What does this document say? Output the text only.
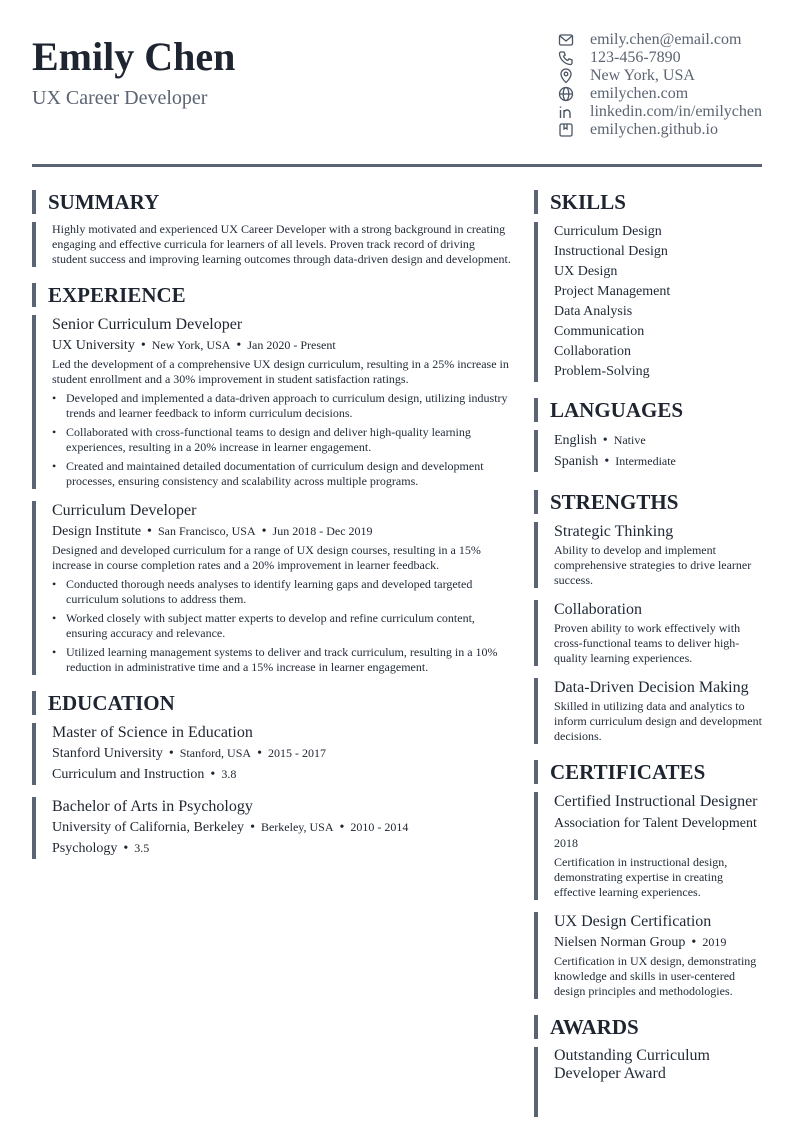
Emily Chen
UX Career Developer
emily.chen@email.com
123-456-7890
New York, USA
emilychen.com
linkedin.com/in/emilychen
emilychen.github.io
SUMMARY
Highly motivated and experienced UX Career Developer with a strong background in creating engaging and effective curricula for learners of all levels. Proven track record of driving student success and improving learning outcomes through data-driven design and development.
EXPERIENCE
Senior Curriculum Developer
UX University • New York, USA • Jan 2020 - Present
Led the development of a comprehensive UX design curriculum, resulting in a 25% increase in student enrollment and a 30% improvement in student satisfaction ratings.
• Developed and implemented a data-driven approach to curriculum design, utilizing industry trends and learner feedback to inform curriculum decisions.
• Collaborated with cross-functional teams to design and deliver high-quality learning experiences, resulting in a 20% increase in learner engagement.
• Created and maintained detailed documentation of curriculum design and development processes, ensuring consistency and scalability across multiple programs.
Curriculum Developer
Design Institute • San Francisco, USA • Jun 2018 - Dec 2019
Designed and developed curriculum for a range of UX design courses, resulting in a 15% increase in course completion rates and a 20% improvement in learner feedback.
• Conducted thorough needs analyses to identify learning gaps and developed targeted curriculum solutions to address them.
• Worked closely with subject matter experts to develop and refine curriculum content, ensuring accuracy and relevance.
• Utilized learning management systems to deliver and track curriculum, resulting in a 10% reduction in administrative time and a 15% increase in learner engagement.
EDUCATION
Master of Science in Education
Stanford University • Stanford, USA • 2015 - 2017
Curriculum and Instruction • 3.8
Bachelor of Arts in Psychology
University of California, Berkeley • Berkeley, USA • 2010 - 2014
Psychology • 3.5
SKILLS
Curriculum Design
Instructional Design
UX Design
Project Management
Data Analysis
Communication
Collaboration
Problem-Solving
LANGUAGES
English • Native
Spanish • Intermediate
STRENGTHS
Strategic Thinking
Ability to develop and implement comprehensive strategies to drive learner success.
Collaboration
Proven ability to work effectively with cross-functional teams to deliver high-quality learning experiences.
Data-Driven Decision Making
Skilled in utilizing data and analytics to inform curriculum design and development decisions.
CERTIFICATES
Certified Instructional Designer
Association for Talent Development
2018
Certification in instructional design, demonstrating expertise in creating effective learning experiences.
UX Design Certification
Nielsen Norman Group • 2019
Certification in UX design, demonstrating knowledge and skills in user-centered design principles and methodologies.
AWARDS
Outstanding Curriculum Developer Award
